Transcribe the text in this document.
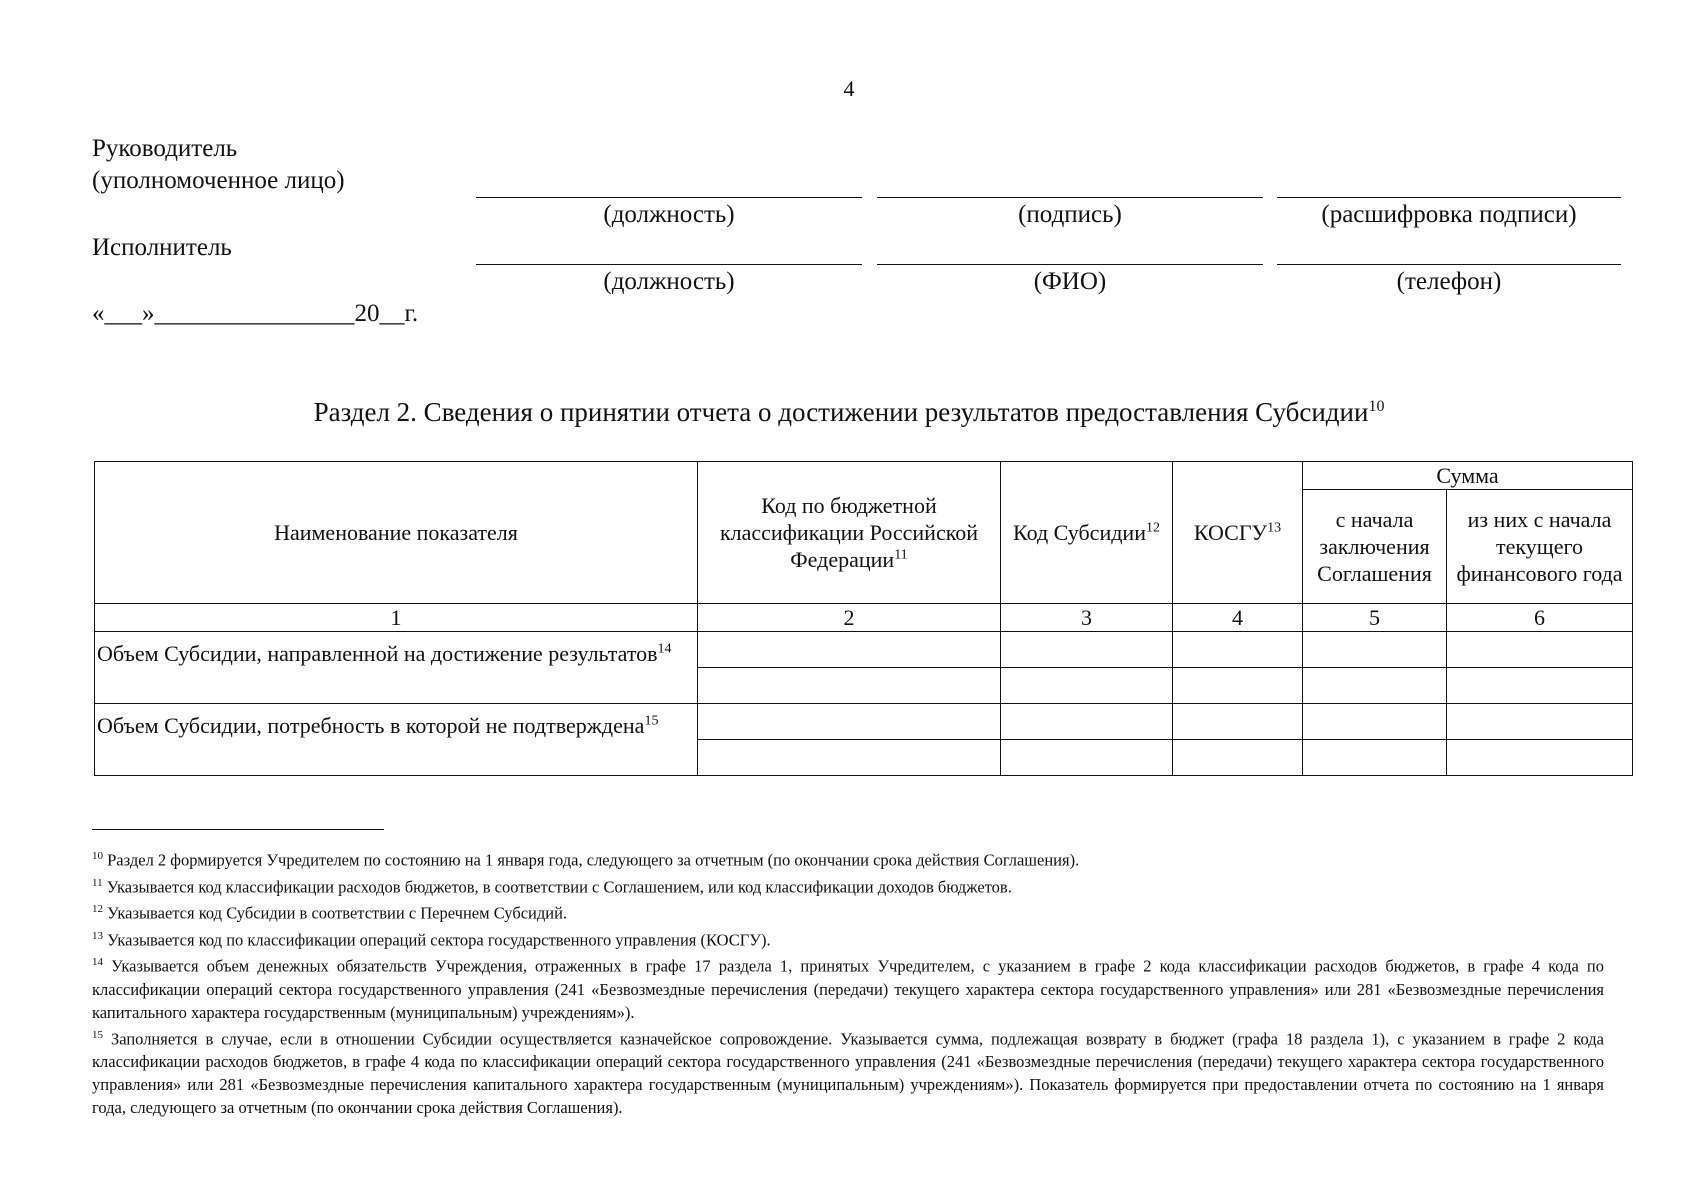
4
Руководитель
(уполномоченное лицо)
(должность)	(подпись)	(расшифровка подписи)
Исполнитель
(должность)	(ФИО)	(телефон)
«___»________________20__г.
Раздел 2. Сведения о принятии отчета о достижении результатов предоставления Субсидии$^{10}$
Наименование показателя	Код по бюджетной классификации Российской Федерации$^{11}$	Код Субсидии$^{12}$	КОСГУ$^{13}$	Сумма	
				с начала заключения Соглашения	из них с начала текущего финансового года
1	2	3	4	5	6
Объем Субсидии, направленной на достижение результатов$^{14}$					

Объем Субсидии, потребность в которой не подтверждена$^{15}$					

$^{10}$ Раздел 2 формируется Учредителем по состоянию на 1 января года, следующего за отчетным (по окончании срока действия Соглашения).

$^{11}$ Указывается код классификации расходов бюджетов, в соответствии с Соглашением, или код классификации доходов бюджетов.

$^{12}$ Указывается код Субсидии в соответствии с Перечнем Субсидий.

$^{13}$ Указывается код по классификации операций сектора государственного управления (КОСГУ).

$^{14}$ Указывается объем денежных обязательств Учреждения, отраженных в графе 17 раздела 1, принятых Учредителем, с указанием в графе 2 кода классификации расходов бюджетов, в графе 4 кода по классификации операций сектора государственного управления (241 «Безвозмездные перечисления (передачи) текущего характера сектора государственного управления» или 281 «Безвозмездные перечисления капитального характера государственным (муниципальным) учреждениям»).

$^{15}$ Заполняется в случае, если в отношении Субсидии осуществляется казначейское сопровождение. Указывается сумма, подлежащая возврату в бюджет (графа 18 раздела 1), с указанием в графе 2 кода классификации расходов бюджетов, в графе 4 кода по классификации операций сектора государственного управления (241 «Безвозмездные перечисления (передачи) текущего характера сектора государственного управления» или 281 «Безвозмездные перечисления капитального характера государственным (муниципальным) учреждениям»). Показатель формируется при предоставлении отчета по состоянию на 1 января года, следующего за отчетным (по окончании срока действия Соглашения).
